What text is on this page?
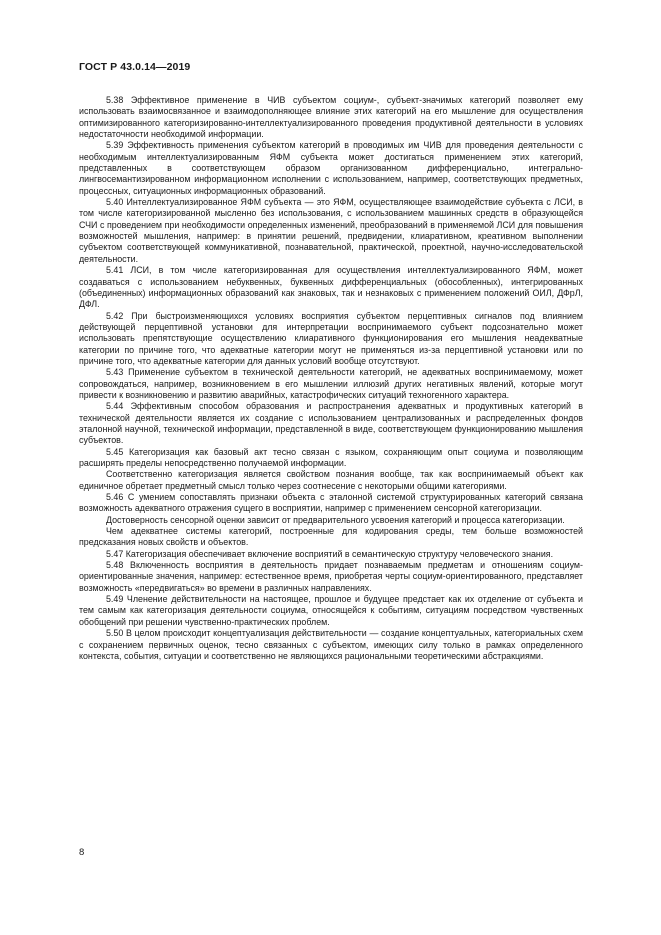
ГОСТ Р 43.0.14—2019

5.38 Эффективное применение в ЧИВ субъектом социум-, субъект-значимых категорий позволяет ему использовать взаимосвязанное и взаимодополняющее влияние этих категорий на его мышление для осуществления оптимизированного категоризированно-интеллектуализированного проведения продуктивной деятельности в условиях недостаточности необходимой информации.

5.39 Эффективность применения субъектом категорий в проводимых им ЧИВ для проведения деятельности с необходимым интеллектуализированным ЯФМ субъекта может достигаться применением этих категорий, представленных в соответствующем образом организованном дифференциально, интегрально-лингвосемантизированном информационном исполнении с использованием, например, соответствующих предметных, процессных, ситуационных информационных образований.

5.40 Интеллектуализированное ЯФМ субъекта — это ЯФМ, осуществляющее взаимодействие субъекта с ЛСИ, в том числе категоризированной мысленно без использования, с использованием машинных средств в образующейся СЧИ с проведением при необходимости определенных изменений, преобразований в применяемой ЛСИ для повышения возможностей мышления, например: в принятии решений, предвидении, клиаративном, креативном выполнении субъектом соответствующей коммуникативной, познавательной, практической, проектной, научно-исследовательской деятельности.

5.41 ЛСИ, в том числе категоризированная для осуществления интеллектуализированного ЯФМ, может создаваться с использованием небуквенных, буквенных дифференциальных (обособленных), интегрированных (объединенных) информационных образований как знаковых, так и незнаковых с применением положений ОИЛ, ДФрЛ, ДФЛ.

5.42 При быстроизменяющихся условиях восприятия субъектом перцептивных сигналов под влиянием действующей перцептивной установки для интерпретации воспринимаемого субъект подсознательно может использовать препятствующие осуществлению клиаративного функционирования его мышления неадекватные категории по причине того, что адекватные категории могут не применяться из-за перцептивной установки или по причине того, что адекватные категории для данных условий вообще отсутствуют.

5.43 Применение субъектом в технической деятельности категорий, не адекватных воспринимаемому, может сопровождаться, например, возникновением в его мышлении иллюзий других негативных явлений, которые могут привести к возникновению и развитию аварийных, катастрофических ситуаций техногенного характера.

5.44 Эффективным способом образования и распространения адекватных и продуктивных категорий в технической деятельности является их создание с использованием централизованных и распределенных фондов эталонной научной, технической информации, представленной в виде, соответствующем функционированию мышления субъектов.

5.45 Категоризация как базовый акт тесно связан с языком, сохраняющим опыт социума и позволяющим расширять пределы непосредственно получаемой информации.

Соответственно категоризация является свойством познания вообще, так как воспринимаемый объект как единичное обретает предметный смысл только через соотнесение с некоторыми общими категориями.

5.46 С умением сопоставлять признаки объекта с эталонной системой структурированных категорий связана возможность адекватного отражения сущего в восприятии, например с применением сенсорной категоризации.

Достоверность сенсорной оценки зависит от предварительного усвоения категорий и процесса категоризации.

Чем адекватнее системы категорий, построенные для кодирования среды, тем больше возможностей предсказания новых свойств и объектов.

5.47 Категоризация обеспечивает включение восприятий в семантическую структуру человеческого знания.

5.48 Включенность восприятия в деятельность придает познаваемым предметам и отношениям социум-ориентированные значения, например: естественное время, приобретая черты социум-ориентированного, представляет возможность «передвигаться» во времени в различных направлениях.

5.49 Членение действительности на настоящее, прошлое и будущее предстает как их отделение от субъекта и тем самым как категоризация деятельности социума, относящейся к событиям, ситуациям посредством чувственных обобщений при решении чувственно-практических проблем.

5.50 В целом происходит концептуализация действительности — создание концептуальных, категориальных схем с сохранением первичных оценок, тесно связанных с субъектом, имеющих силу только в рамках определенного контекста, события, ситуации и соответственно не являющихся рациональными теоретическими абстракциями.

8
